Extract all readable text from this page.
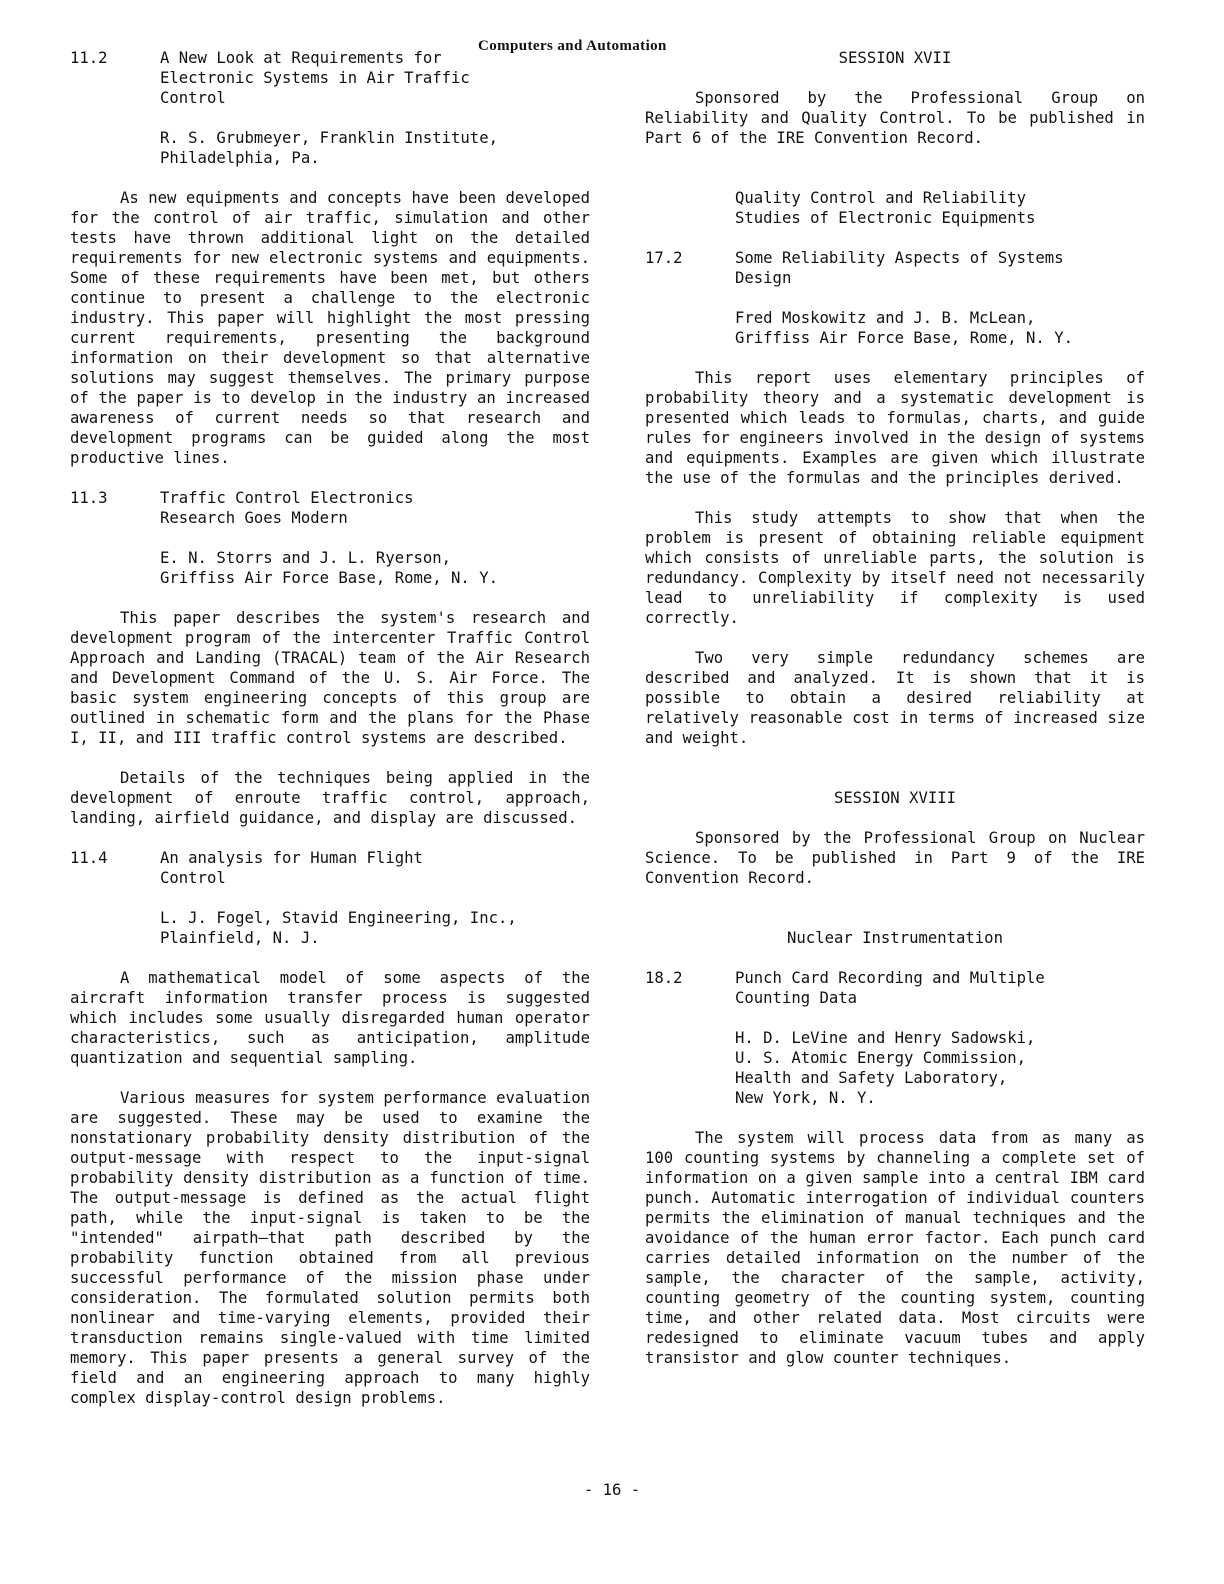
Computers and Automation
11.2	A New Look at Requirements for
Electronic Systems in Air Traffic
Control
R. S. Grubmeyer, Franklin Institute,
Philadelphia, Pa.

As new equipments and concepts have been developed for the control of air traffic, simulation and other tests have thrown additional light on the detailed requirements for new electronic systems and equipments. Some of these requirements have been met, but others continue to present a challenge to the electronic industry. This paper will highlight the most pressing current requirements, presenting the background information on their development so that alternative solutions may suggest themselves. The primary purpose of the paper is to develop in the industry an increased awareness of current needs so that research and development programs can be guided along the most productive lines.

11.3	Traffic Control Electronics
Research Goes Modern
E. N. Storrs and J. L. Ryerson,
Griffiss Air Force Base, Rome, N. Y.

This paper describes the system's research and development program of the intercenter Traffic Control Approach and Landing (TRACAL) team of the Air Research and Development Command of the U. S. Air Force. The basic system engineering concepts of this group are outlined in schematic form and the plans for the Phase I, II, and III traffic control systems are described.

Details of the techniques being applied in the development of enroute traffic control, approach, landing, airfield guidance, and display are discussed.

11.4	An analysis for Human Flight
Control
L. J. Fogel, Stavid Engineering, Inc.,
Plainfield, N. J.

A mathematical model of some aspects of the aircraft information transfer process is suggested which includes some usually disregarded human operator characteristics, such as anticipation, amplitude quantization and sequential sampling.

Various measures for system performance evaluation are suggested. These may be used to examine the nonstationary probability density distribution of the output-message with respect to the input-signal probability density distribution as a function of time. The output-message is defined as the actual flight path, while the input-signal is taken to be the "intended" airpath—that path described by the probability function obtained from all previous successful performance of the mission phase under consideration. The formulated solution permits both nonlinear and time-varying elements, provided their transduction remains single-valued with time limited memory. This paper presents a general survey of the field and an engineering approach to many highly complex display-control design problems.

SESSION XVII

Sponsored by the Professional Group on Reliability and Quality Control. To be published in Part 6 of the IRE Convention Record.

Quality Control and Reliability
Studies of Electronic Equipments
17.2	Some Reliability Aspects of Systems
Design
Fred Moskowitz and J. B. McLean,
Griffiss Air Force Base, Rome, N. Y.

This report uses elementary principles of probability theory and a systematic development is presented which leads to formulas, charts, and guide rules for engineers involved in the design of systems and equipments. Examples are given which illustrate the use of the formulas and the principles derived.

This study attempts to show that when the problem is present of obtaining reliable equipment which consists of unreliable parts, the solution is redundancy. Complexity by itself need not necessarily lead to unreliability if complexity is used correctly.

Two very simple redundancy schemes are described and analyzed. It is shown that it is possible to obtain a desired reliability at relatively reasonable cost in terms of increased size and weight.

SESSION XVIII

Sponsored by the Professional Group on Nuclear Science. To be published in Part 9 of the IRE Convention Record.

Nuclear Instrumentation
18.2	Punch Card Recording and Multiple
Counting Data
H. D. LeVine and Henry Sadowski,
U. S. Atomic Energy Commission,
Health and Safety Laboratory,
New York, N. Y.

The system will process data from as many as 100 counting systems by channeling a complete set of information on a given sample into a central IBM card punch. Automatic interrogation of individual counters permits the elimination of manual techniques and the avoidance of the human error factor. Each punch card carries detailed information on the number of the sample, the character of the sample, activity, counting geometry of the counting system, counting time, and other related data. Most circuits were redesigned to eliminate vacuum tubes and apply transistor and glow counter techniques.

- 16 -
